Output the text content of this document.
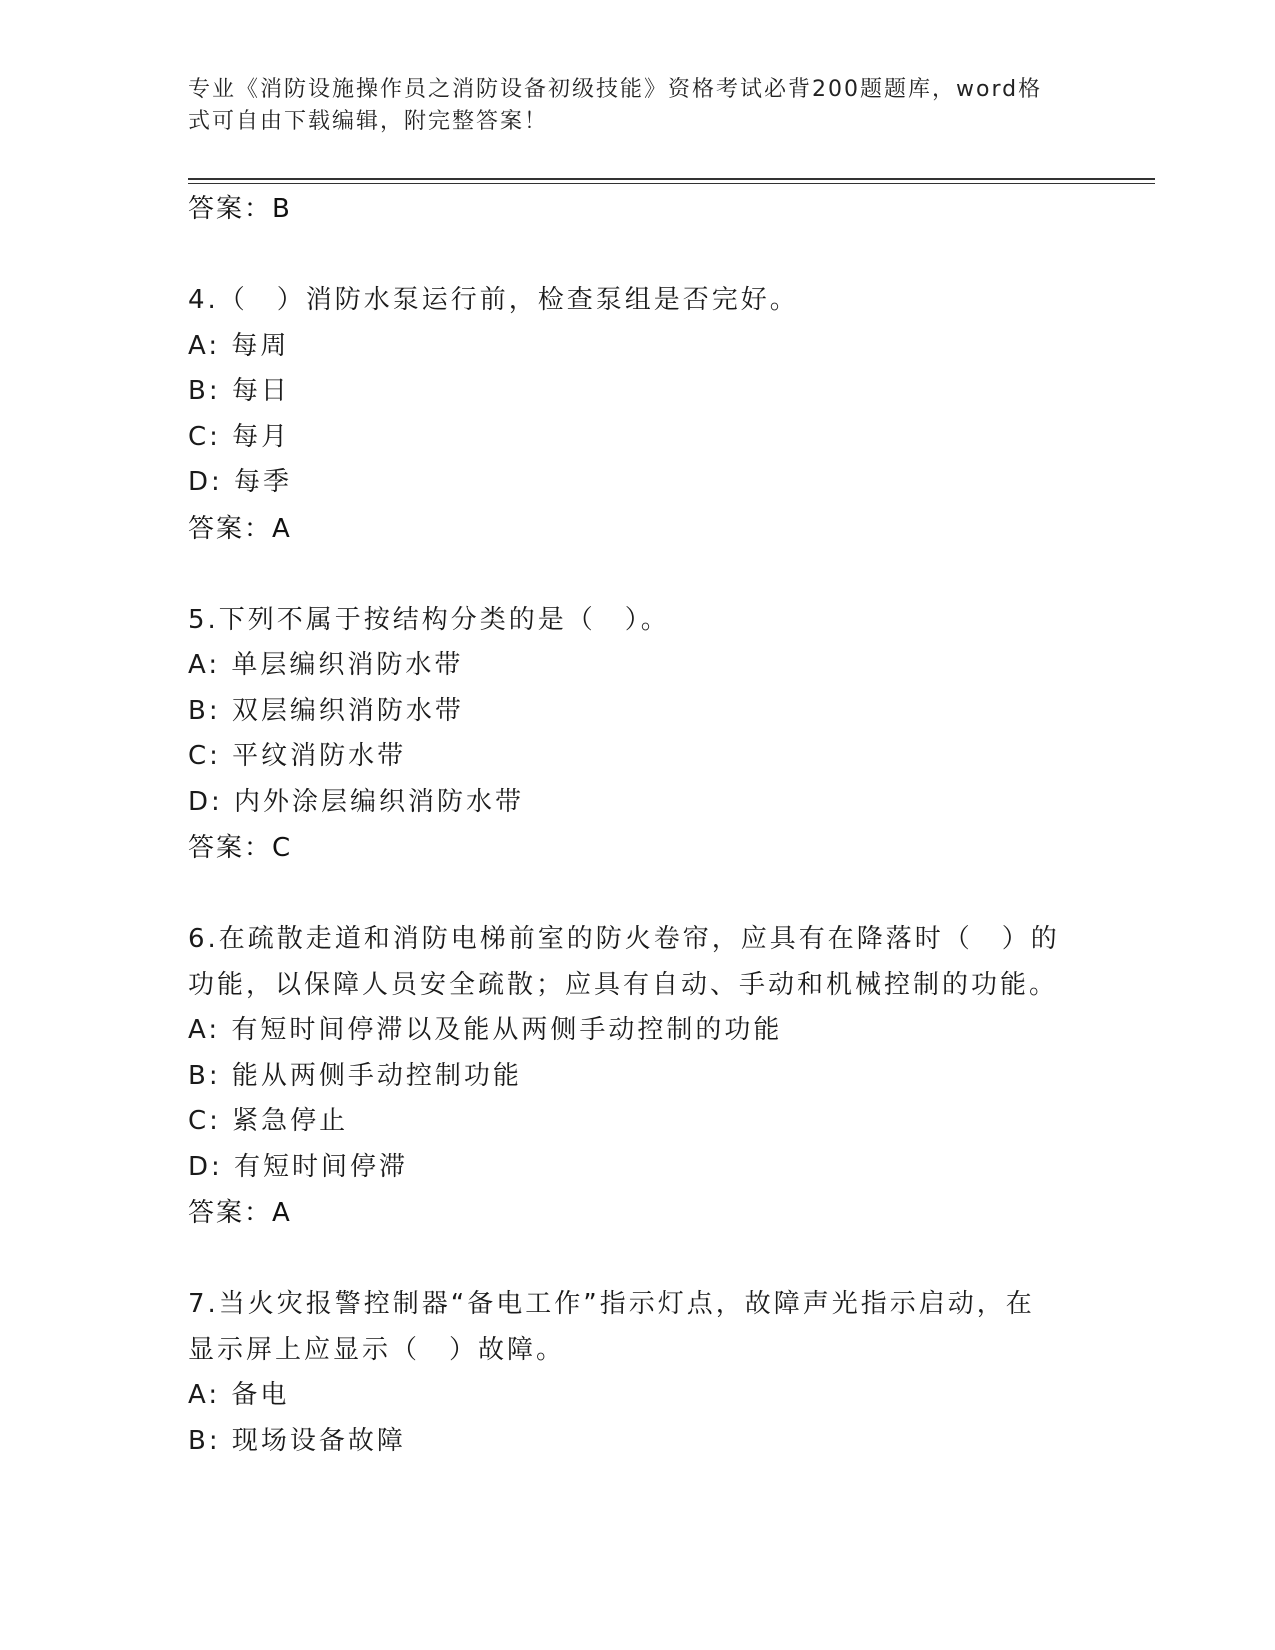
专业《消防设施操作员之消防设备初级技能》资格考试必背200题题库，word格
式可自由下载编辑，附完整答案！
答案：B
4.（　）消防水泵运行前，检查泵组是否完好。
A: 每周
B: 每日
C: 每月
D: 每季
答案：A
5.下列不属于按结构分类的是（　）。
A: 单层编织消防水带
B: 双层编织消防水带
C: 平纹消防水带
D: 内外涂层编织消防水带
答案：C
6.在疏散走道和消防电梯前室的防火卷帘，应具有在降落时（　）的
功能，以保障人员安全疏散；应具有自动、手动和机械控制的功能。
A: 有短时间停滞以及能从两侧手动控制的功能
B: 能从两侧手动控制功能
C: 紧急停止
D: 有短时间停滞
答案：A
7.当火灾报警控制器“备电工作”指示灯点，故障声光指示启动，在
显示屏上应显示（　）故障。
A: 备电
B: 现场设备故障
